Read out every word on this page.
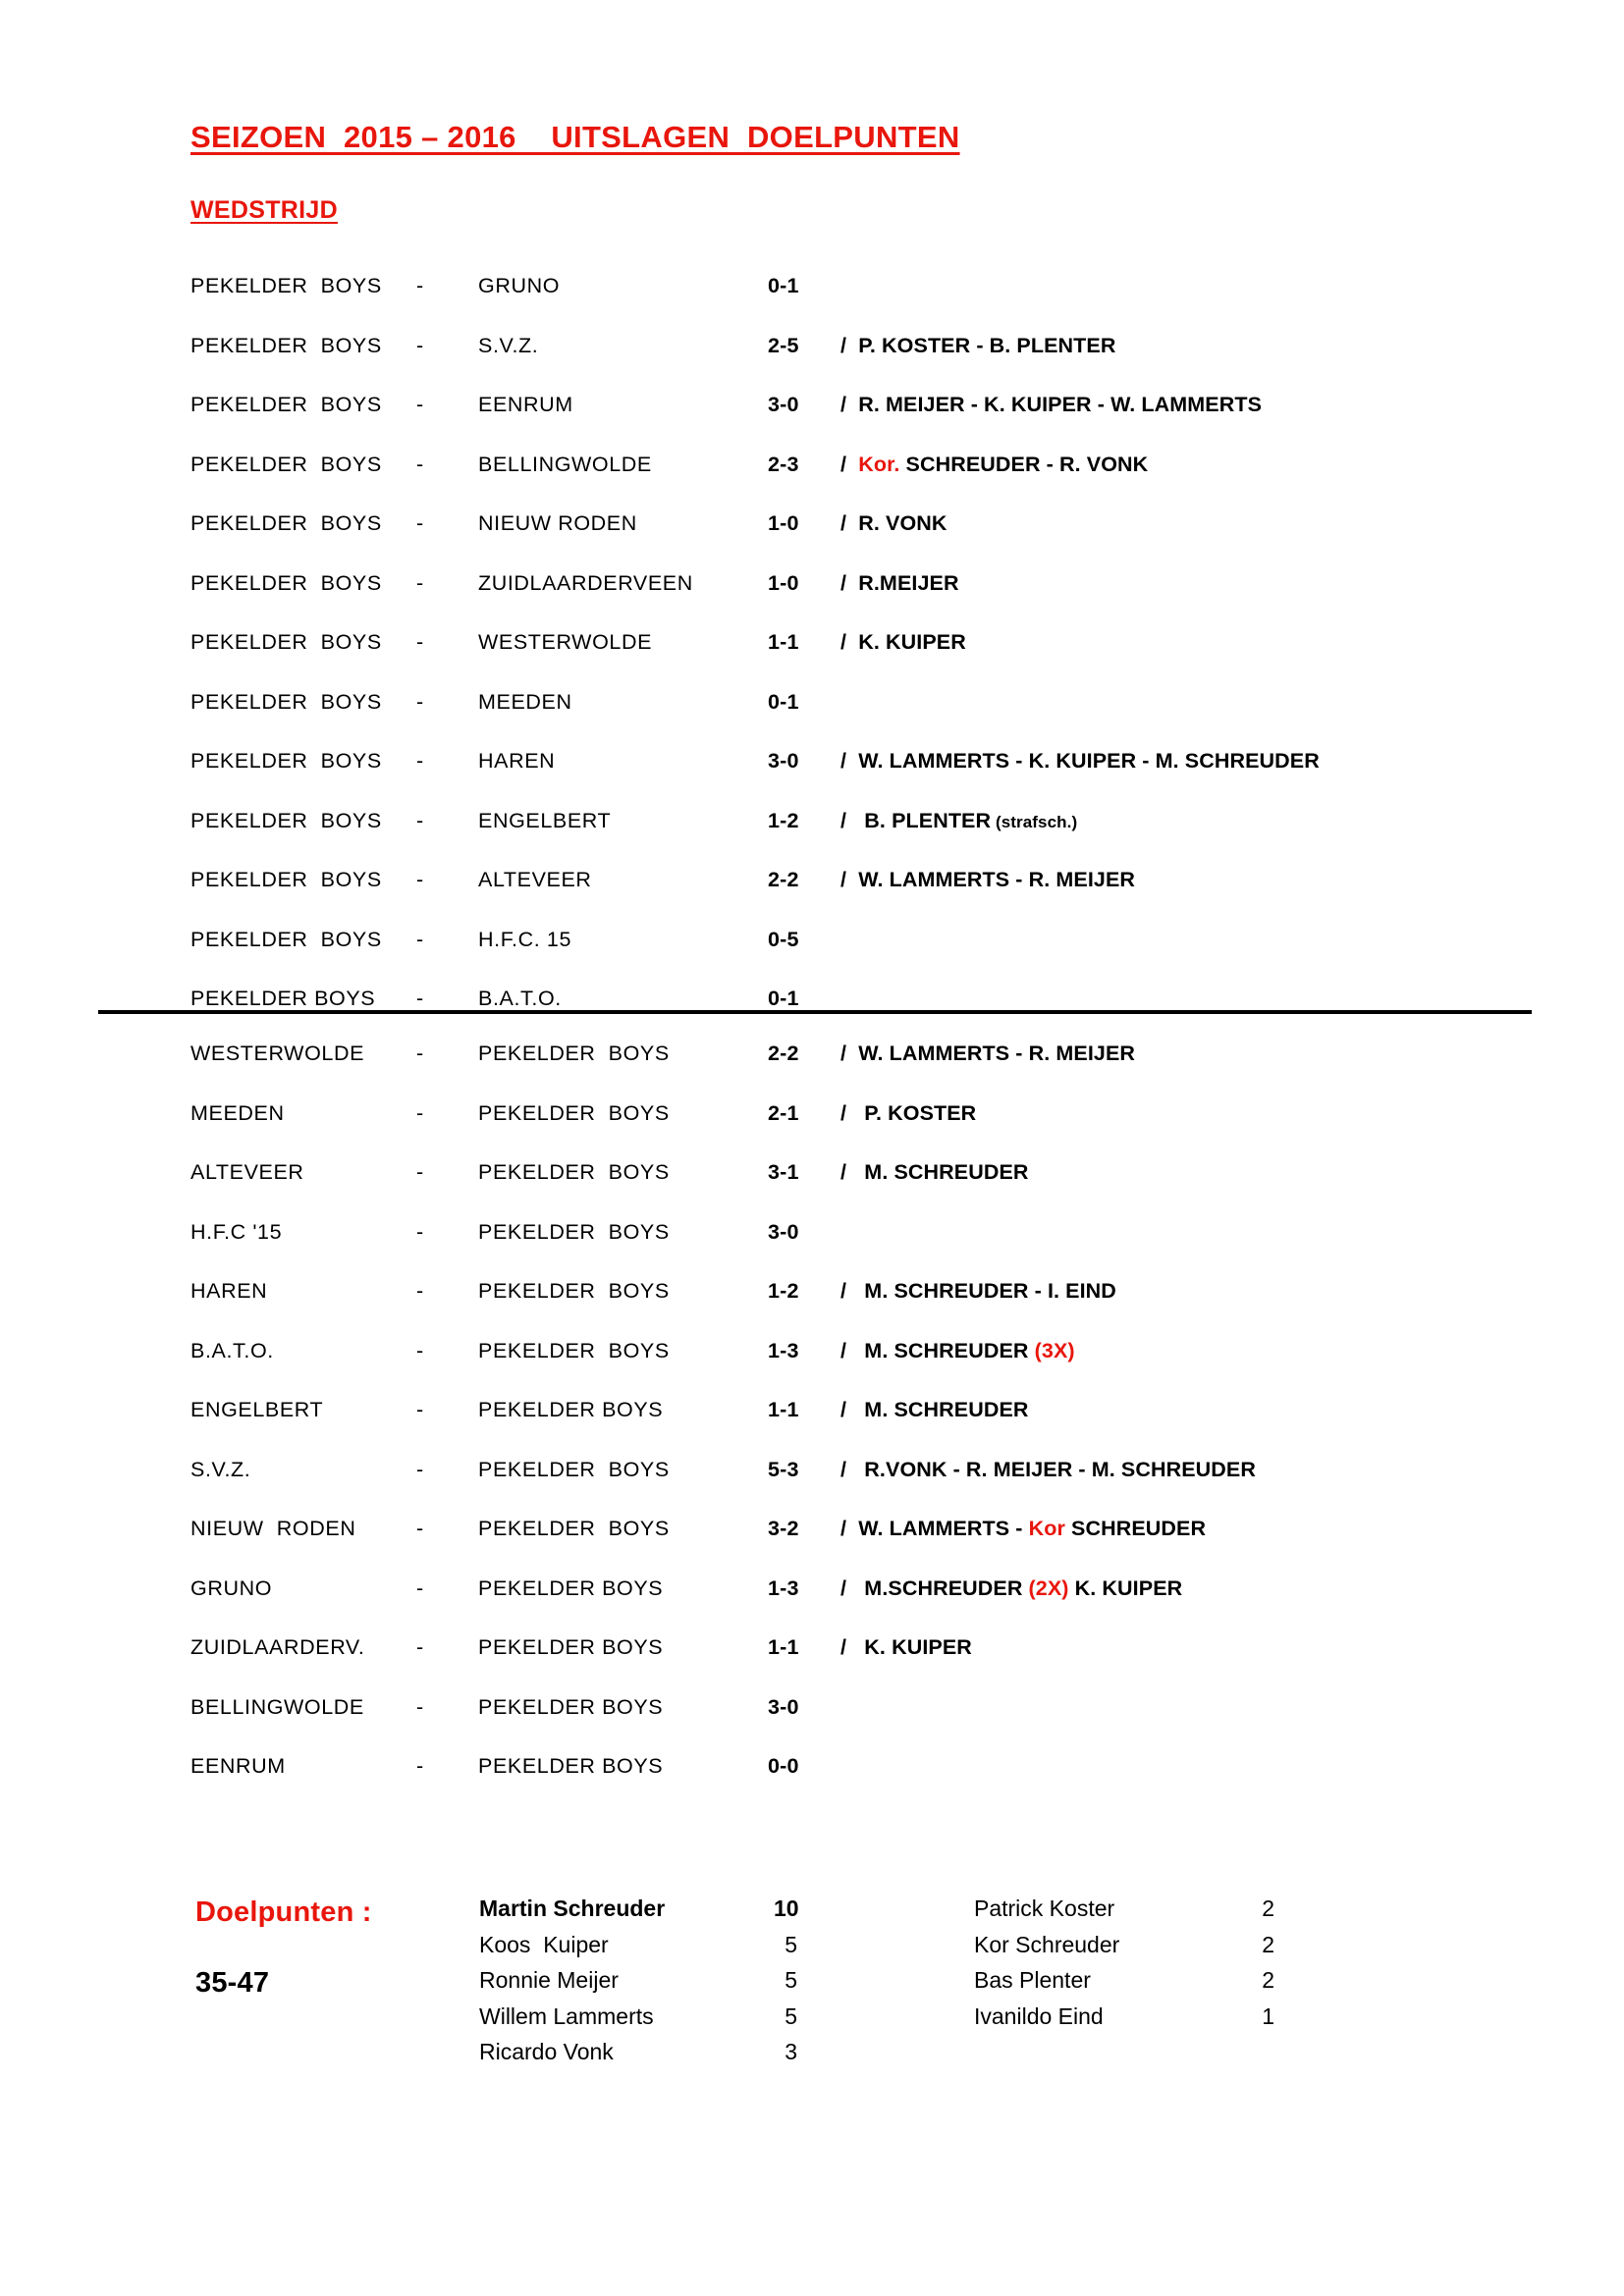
SEIZOEN  2015 – 2016    UITSLAGEN  DOELPUNTEN
WEDSTRIJD
PEKELDER  BOYS -	GRUNO	0-1
PEKELDER  BOYS -	S.V.Z.	2-5 /  P. KOSTER - B. PLENTER
PEKELDER  BOYS -	EENRUM	3-0 /  R. MEIJER - K. KUIPER - W. LAMMERTS
PEKELDER  BOYS -	BELLINGWOLDE	2-3 /  Kor. SCHREUDER - R. VONK
PEKELDER  BOYS -	NIEUW RODEN	1-0 /  R. VONK
PEKELDER  BOYS -	ZUIDLAARDERVEEN	1-0 /  R.MEIJER
PEKELDER  BOYS -	WESTERWOLDE	1-1 /  K. KUIPER
PEKELDER  BOYS -	MEEDEN	0-1
PEKELDER  BOYS -	HAREN	3-0 /  W. LAMMERTS - K. KUIPER - M. SCHREUDER
PEKELDER  BOYS -	ENGELBERT	1-2 /   B. PLENTER (strafsch.)
PEKELDER  BOYS -	ALTEVEER	2-2 /  W. LAMMERTS - R. MEIJER
PEKELDER  BOYS -	H.F.C. 15	0-5
PEKELDER BOYS -	B.A.T.O.	0-1
WESTERWOLDE -	PEKELDER  BOYS	2-2 /  W. LAMMERTS - R. MEIJER
MEEDEN	-	PEKELDER  BOYS	2-1 /   P. KOSTER
ALTEVEER	-	PEKELDER  BOYS	3-1 /   M. SCHREUDER
H.F.C '15	-	PEKELDER  BOYS	3-0
HAREN	-	PEKELDER  BOYS	1-2 /   M. SCHREUDER - I. EIND
B.A.T.O.	-	PEKELDER  BOYS	1-3 /   M. SCHREUDER (3X)
ENGELBERT	-	PEKELDER BOYS	1-1 /   M. SCHREUDER
S.V.Z.	-	PEKELDER  BOYS	5-3 /   R.VONK - R. MEIJER - M. SCHREUDER
NIEUW  RODEN	-	PEKELDER  BOYS	3-2 /  W. LAMMERTS - Kor SCHREUDER
GRUNO	-	PEKELDER BOYS	1-3 /   M.SCHREUDER (2X) K. KUIPER
ZUIDLAARDERV. -	PEKELDER BOYS	1-1 /   K. KUIPER
BELLINGWOLDE -	PEKELDER BOYS	3-0
EENRUM	-	PEKELDER BOYS	0-0
Doelpunten :
35-47
Martin Schreuder	10
Koos  Kuiper	5
Ronnie Meijer	5
Willem Lammerts	5
Ricardo Vonk	3
Patrick Koster	2
Kor Schreuder	2
Bas Plenter	2
Ivanildo Eind	1
